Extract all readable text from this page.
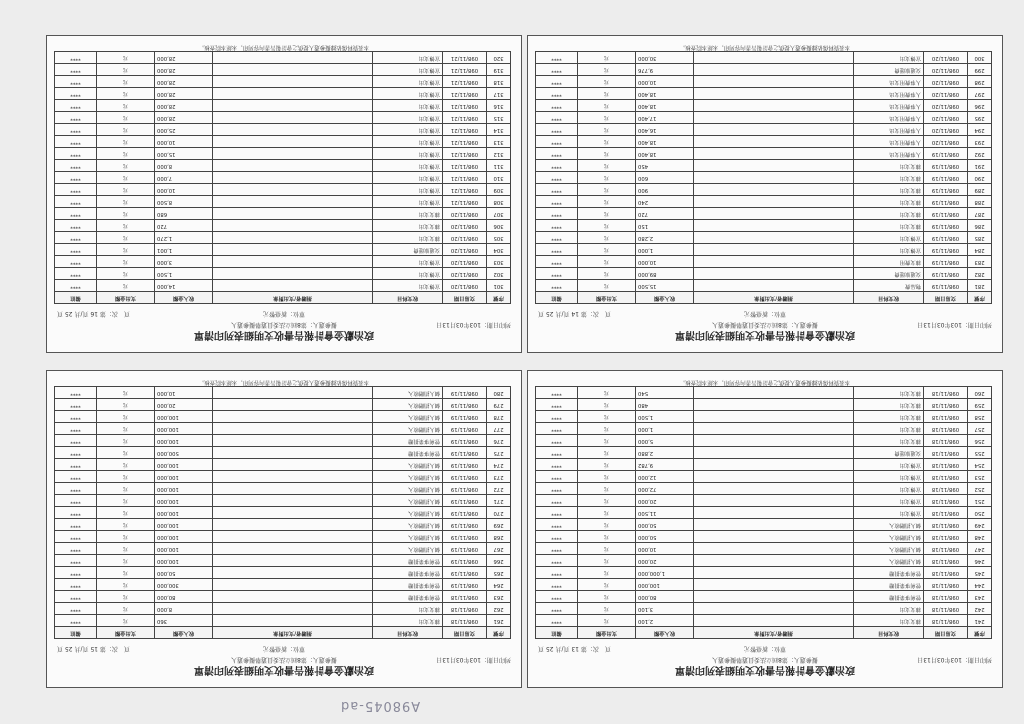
政治獻金會計報告書收支明細表列印清單
列印日期：103年03月13日
擬參選人：第8屆立法委員選舉擬參選人
單位：新臺幣元
頁　次：第 14 頁/共 25 頁
序號	交易日期	收支科目	捐贈者/支出對象	收入金額	支出金額	備註
281	098/11/19	物品費		15,500	元	****
282	098/11/19	交通旅運費		89,000	元	****
283	098/11/19	雜支費用		10,000	元	****
284	098/11/19	宣傳支出		1,000	元	****
285	098/11/19	宣傳支出		2,280	元	****
286	098/11/19	雜支支出		150	元	****
287	098/11/19	雜支支出		720	元	****
288	098/11/19	雜支支出		240	元	****
289	098/11/19	雜支支出		900	元	****
290	098/11/19	雜支支出		600	元	****
291	098/11/19	雜支支出		450	元	****
292	098/11/19	人事費用支出		18,400	元	****
293	098/11/20	人事費用支出		18,400	元	****
294	098/11/20	人事費用支出		16,400	元	****
295	098/11/20	人事費用支出		17,400	元	****
296	098/11/20	人事費用支出		18,400	元	****
297	098/11/20	人事費用支出		18,400	元	****
298	098/11/20	人事費用支出		10,000	元	****
299	098/11/20	交通旅運費		9,776	元	****
300	098/11/20	宣傳支出		30,000	元	****
本表資料係依據擬參選人提供之會計報告書內容列印，未經本院查核。
政治獻金會計報告書收支明細表列印清單
列印日期：103年03月13日
擬參選人：第8屆立法委員選舉擬參選人
單位：新臺幣元
頁　次：第 16 頁/共 25 頁
序號	交易日期	收支科目	捐贈者/支出對象	收入金額	支出金額	備註
301	098/11/20	宣傳支出		14,000	元	****
302	098/11/20	宣傳支出		1,500	元	****
303	098/11/20	宣傳支出		3,000	元	****
304	098/11/20	交通旅運費		1,001	元	****
305	098/11/20	雜支支出		1,270	元	****
306	098/11/20	雜支支出		720	元	****
307	098/11/20	雜支支出		680	元	****
308	098/11/21	宣傳支出		8,500	元	****
309	098/11/21	宣傳支出		10,000	元	****
310	098/11/21	宣傳支出		7,000	元	****
311	098/11/21	宣傳支出		8,000	元	****
312	098/11/21	宣傳支出		15,000	元	****
313	098/11/21	宣傳支出		10,000	元	****
314	098/11/21	宣傳支出		25,000	元	****
315	098/11/21	宣傳支出		28,000	元	****
316	098/11/21	宣傳支出		28,000	元	****
317	098/11/21	宣傳支出		28,000	元	****
318	098/11/21	宣傳支出		28,000	元	****
319	098/11/21	宣傳支出		28,000	元	****
320	098/11/21	宣傳支出		28,000	元	****
本表資料係依據擬參選人提供之會計報告書內容列印，未經本院查核。
政治獻金會計報告書收支明細表列印清單
列印日期：103年03月13日
擬參選人：第8屆立法委員選舉擬參選人
單位：新臺幣元
頁　次：第 13 頁/共 25 頁
序號	交易日期	收支科目	捐贈者/支出對象	收入金額	支出金額	備註
241	098/11/18	雜支支出		2,100	元	****
242	098/11/18	雜支支出		3,100	元	****
243	098/11/18	營利事業捐贈		80,000	元	****
244	098/11/18	營利事業捐贈		100,000	元	****
245	098/11/18	營利事業捐贈		1,000,000	元	****
246	098/11/18	個人捐贈收入		20,000	元	****
247	098/11/18	個人捐贈收入		10,000	元	****
248	098/11/18	個人捐贈收入		50,000	元	****
249	098/11/18	個人捐贈收入		50,000	元	****
250	098/11/18	宣傳支出		11,500	元	****
251	098/11/18	宣傳支出		20,000	元	****
252	098/11/18	宣傳支出		72,000	元	****
253	098/11/18	宣傳支出		12,000	元	****
254	098/11/18	宣傳支出		9,782	元	****
255	098/11/18	交通旅運費		2,880	元	****
256	098/11/18	雜支支出		5,000	元	****
257	098/11/18	雜支支出		1,000	元	****
258	098/11/18	雜支支出		1,500	元	****
259	098/11/18	雜支支出		480	元	****
260	098/11/18	雜支支出		540	元	****
本表資料係依據擬參選人提供之會計報告書內容列印，未經本院查核。
政治獻金會計報告書收支明細表列印清單
列印日期：103年03月13日
擬參選人：第8屆立法委員選舉擬參選人
單位：新臺幣元
頁　次：第 15 頁/共 25 頁
序號	交易日期	收支科目	捐贈者/支出對象	收入金額	支出金額	備註
261	098/11/18	雜支支出		360	元	****
262	098/11/18	雜支支出		8,000	元	****
263	098/11/18	營利事業捐贈		80,000	元	****
264	098/11/19	營利事業捐贈		300,000	元	****
265	098/11/19	營利事業捐贈		50,000	元	****
266	098/11/19	營利事業捐贈		100,000	元	****
267	098/11/19	個人捐贈收入		100,000	元	****
268	098/11/19	個人捐贈收入		100,000	元	****
269	098/11/19	個人捐贈收入		100,000	元	****
270	098/11/19	個人捐贈收入		100,000	元	****
271	098/11/19	個人捐贈收入		100,000	元	****
272	098/11/19	個人捐贈收入		100,000	元	****
273	098/11/19	個人捐贈收入		100,000	元	****
274	098/11/19	個人捐贈收入		100,000	元	****
275	098/11/19	營利事業捐贈		500,000	元	****
276	098/11/19	營利事業捐贈		100,000	元	****
277	098/11/19	個人捐贈收入		100,000	元	****
278	098/11/19	個人捐贈收入		100,000	元	****
279	098/11/19	個人捐贈收入		20,000	元	****
280	098/11/19	個人捐贈收入		10,000	元	****
本表資料係依據擬參選人提供之會計報告書內容列印，未經本院查核。
A98045-ad
